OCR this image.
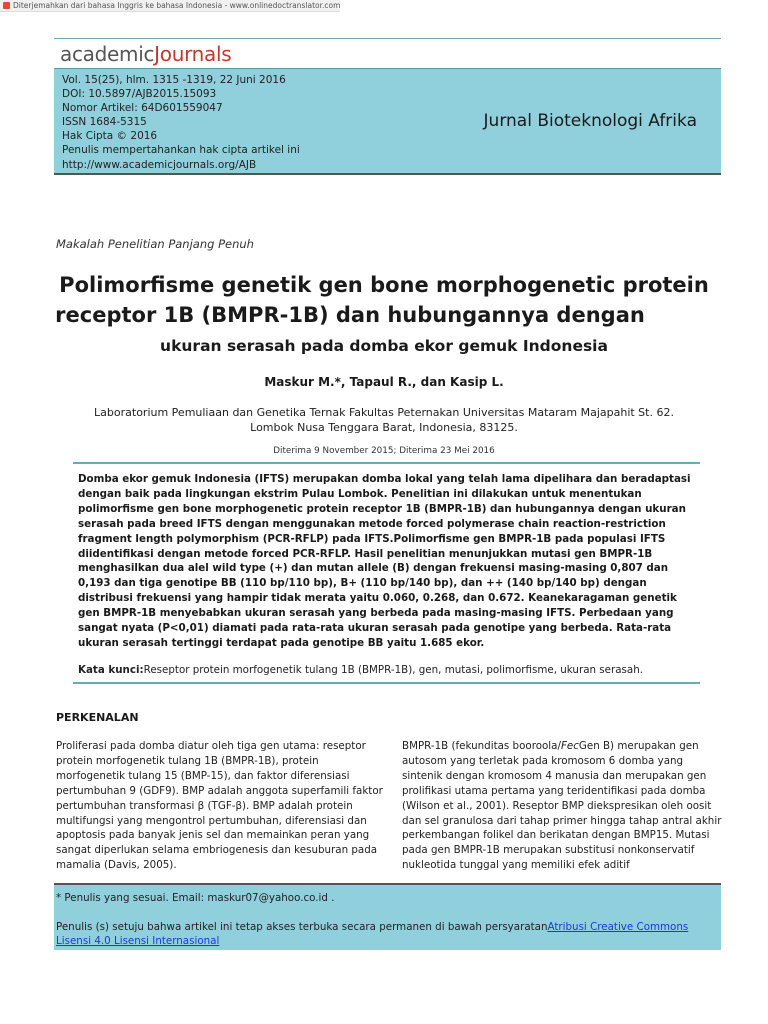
Diterjemahkan dari bahasa Inggris ke bahasa Indonesia - www.onlinedoctranslator.com
academicJournals
Vol. 15(25), hlm. 1315 -1319, 22 Juni 2016
DOI: 10.5897/AJB2015.15093
Nomor Artikel: 64D601559047
ISSN 1684-5315
Hak Cipta © 2016
Penulis mempertahankan hak cipta artikel ini
http://www.academicjournals.org/AJB
Jurnal Bioteknologi Afrika
Makalah Penelitian Panjang Penuh
Polimorfisme genetik gen bone morphogenetic protein
receptor 1B (BMPR-1B) dan hubungannya dengan
ukuran serasah pada domba ekor gemuk Indonesia
Maskur M.*, Tapaul R., dan Kasip L.
Laboratorium Pemuliaan dan Genetika Ternak Fakultas Peternakan Universitas Mataram Majapahit St. 62.
Lombok Nusa Tenggara Barat, Indonesia, 83125.
Diterima 9 November 2015; Diterima 23 Mei 2016
Domba ekor gemuk Indonesia (IFTS) merupakan domba lokal yang telah lama dipelihara dan beradaptasi dengan baik pada lingkungan ekstrim Pulau Lombok. Penelitian ini dilakukan untuk menentukan polimorfisme gen bone morphogenetic protein receptor 1B (BMPR-1B) dan hubungannya dengan ukuran serasah pada breed IFTS dengan menggunakan metode forced polymerase chain reaction-restriction fragment length polymorphism (PCR-RFLP) pada IFTS.Polimorfisme gen BMPR-1B pada populasi IFTS diidentifikasi dengan metode forced PCR-RFLP. Hasil penelitian menunjukkan mutasi gen BMPR-1B menghasilkan dua alel wild type (+) dan mutan allele (B) dengan frekuensi masing-masing 0,807 dan 0,193 dan tiga genotipe BB (110 bp/110 bp), B+ (110 bp/140 bp), dan ++ (140 bp/140 bp) dengan distribusi frekuensi yang hampir tidak merata yaitu 0.060, 0.268, dan 0.672. Keanekaragaman genetik gen BMPR-1B menyebabkan ukuran serasah yang berbeda pada masing-masing IFTS. Perbedaan yang sangat nyata (P<0,01) diamati pada rata-rata ukuran serasah pada genotipe yang berbeda. Rata-rata ukuran serasah tertinggi terdapat pada genotipe BB yaitu 1.685 ekor.
Kata kunci:Reseptor protein morfogenetik tulang 1B (BMPR-1B), gen, mutasi, polimorfisme, ukuran serasah.
PERKENALAN
Proliferasi pada domba diatur oleh tiga gen utama: reseptor protein morfogenetik tulang 1B (BMPR-1B), protein morfogenetik tulang 15 (BMP-15), dan faktor diferensiasi pertumbuhan 9 (GDF9). BMP adalah anggota superfamili faktor pertumbuhan transformasi β (TGF-β). BMP adalah protein multifungsi yang mengontrol pertumbuhan, diferensiasi dan apoptosis pada banyak jenis sel dan memainkan peran yang sangat diperlukan selama embriogenesis dan kesuburan pada mamalia (Davis, 2005).
BMPR-1B (fekunditas booroola/FecGen B) merupakan gen autosom yang terletak pada kromosom 6 domba yang sintenik dengan kromosom 4 manusia dan merupakan gen prolifikasi utama pertama yang teridentifikasi pada domba (Wilson et al., 2001). Reseptor BMP diekspresikan oleh oosit dan sel granulosa dari tahap primer hingga tahap antral akhir perkembangan folikel dan berikatan dengan BMP15. Mutasi pada gen BMPR-1B merupakan substitusi nonkonservatif nukleotida tunggal yang memiliki efek aditif
* Penulis yang sesuai. Email: maskur07@yahoo.co.id .
Penulis (s) setuju bahwa artikel ini tetap akses terbuka secara permanen di bawah persyaratanAtribusi Creative Commons Lisensi 4.0 Lisensi Internasional
